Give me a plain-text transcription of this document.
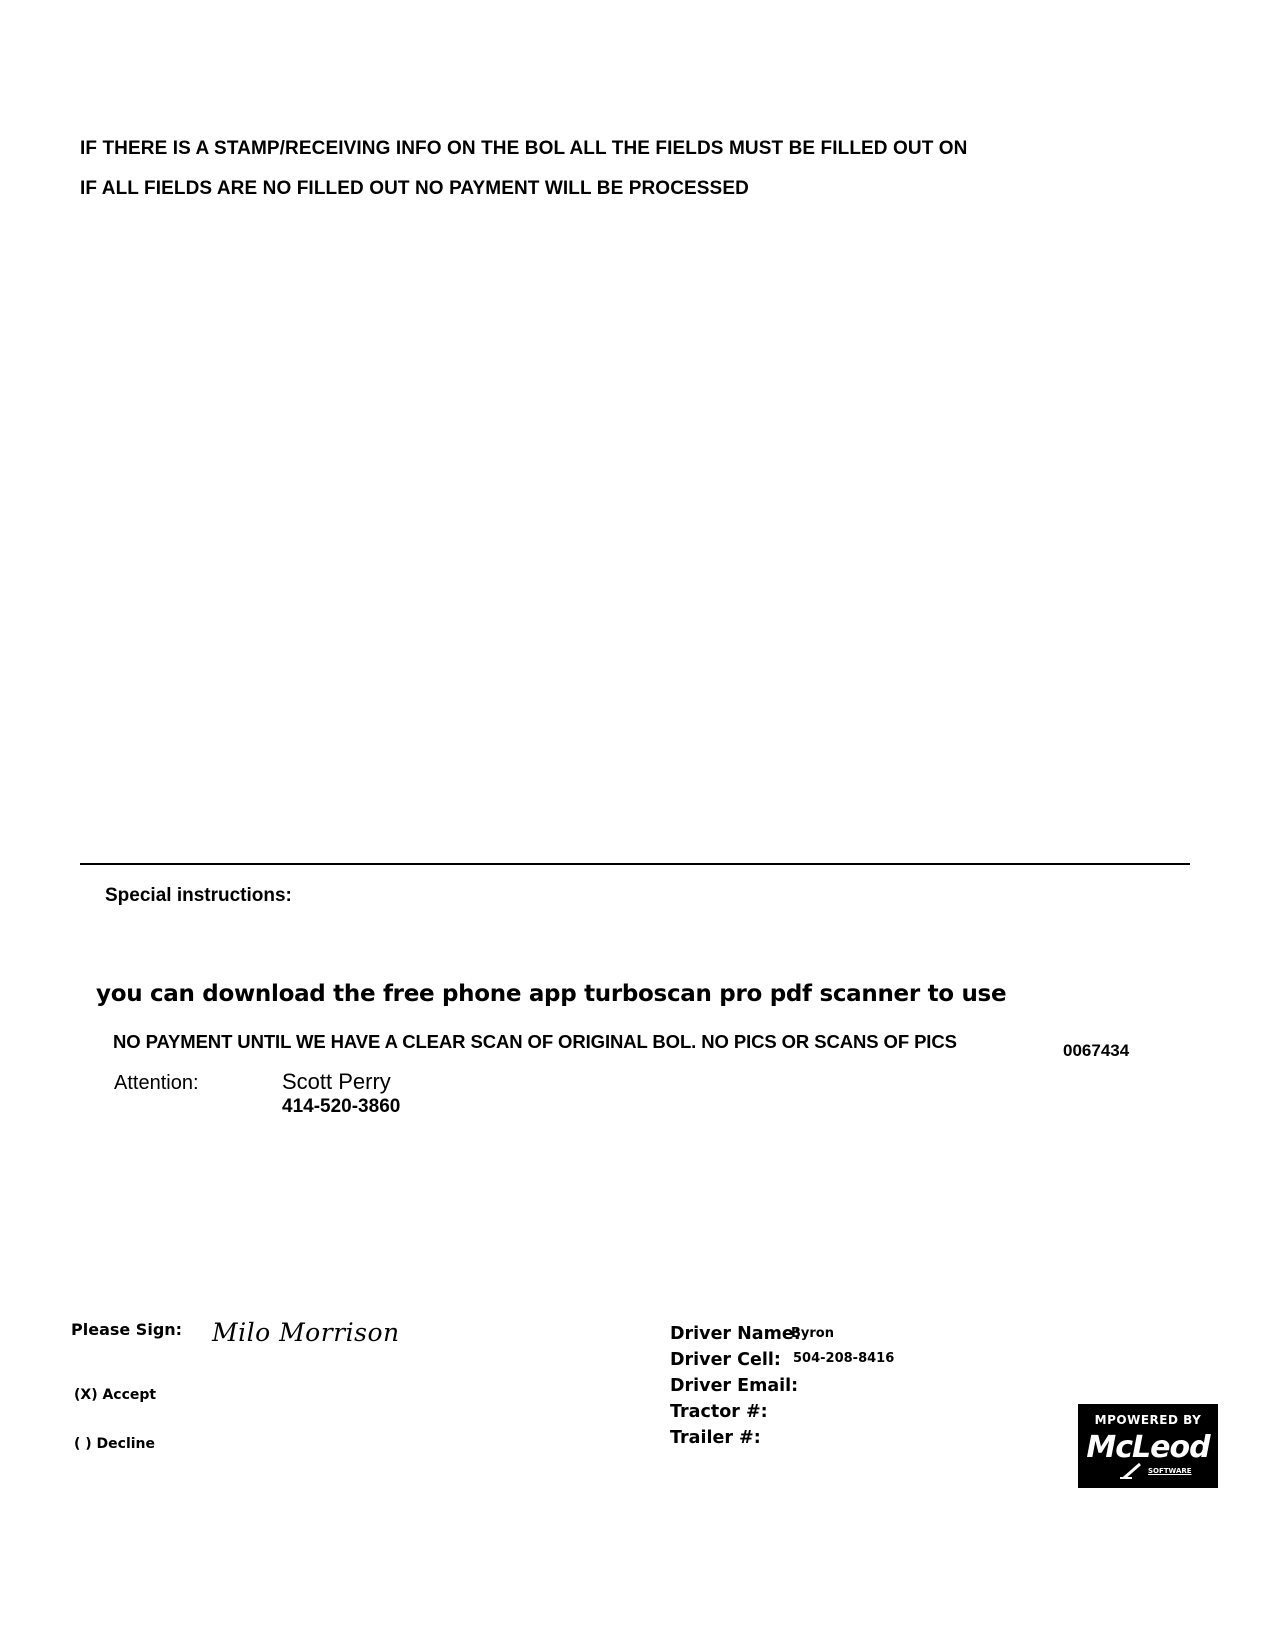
IF THERE IS A STAMP/RECEIVING INFO ON THE BOL ALL THE FIELDS MUST BE FILLED OUT ON
IF ALL FIELDS ARE NO FILLED OUT NO PAYMENT WILL BE PROCESSED
Special instructions:
you can download the free phone app turboscan pro pdf scanner to use
NO PAYMENT UNTIL WE HAVE A CLEAR SCAN OF ORIGINAL BOL. NO PICS OR SCANS OF PICS	0067434
Attention:	Scott Perry
414-520-3860
Please Sign: Milo Morrison
(X) Accept
( ) Decline
Driver Name:
Byron
Driver Cell: 504-208-8416
Driver Email:
Tractor #:
Trailer #:
MPOWERED BY
McLeod
SOFTWARE
